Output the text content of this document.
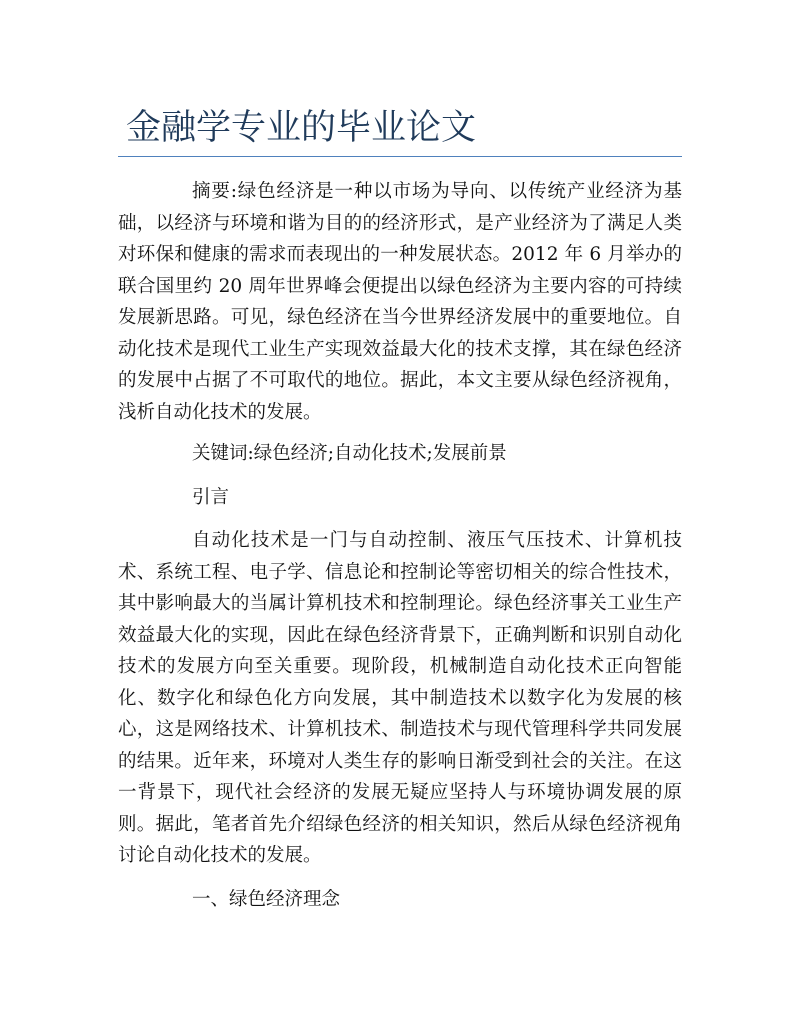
金融学专业的毕业论文

摘要:绿色经济是一种以市场为导向、以传统产业经济为基础，以经济与环境和谐为目的的经济形式，是产业经济为了满足人类对环保和健康的需求而表现出的一种发展状态。2012 年 6 月举办的联合国里约 20 周年世界峰会便提出以绿色经济为主要内容的可持续发展新思路。可见，绿色经济在当今世界经济发展中的重要地位。自动化技术是现代工业生产实现效益最大化的技术支撑，其在绿色经济的发展中占据了不可取代的地位。据此，本文主要从绿色经济视角，浅析自动化技术的发展。

关键词:绿色经济;自动化技术;发展前景

引言

自动化技术是一门与自动控制、液压气压技术、计算机技术、系统工程、电子学、信息论和控制论等密切相关的综合性技术，其中影响最大的当属计算机技术和控制理论。绿色经济事关工业生产效益最大化的实现，因此在绿色经济背景下，正确判断和识别自动化技术的发展方向至关重要。现阶段，机械制造自动化技术正向智能化、数字化和绿色化方向发展，其中制造技术以数字化为发展的核心，这是网络技术、计算机技术、制造技术与现代管理科学共同发展的结果。近年来，环境对人类生存的影响日渐受到社会的关注。在这一背景下，现代社会经济的发展无疑应坚持人与环境协调发展的原则。据此，笔者首先介绍绿色经济的相关知识，然后从绿色经济视角讨论自动化技术的发展。

一、绿色经济理念
